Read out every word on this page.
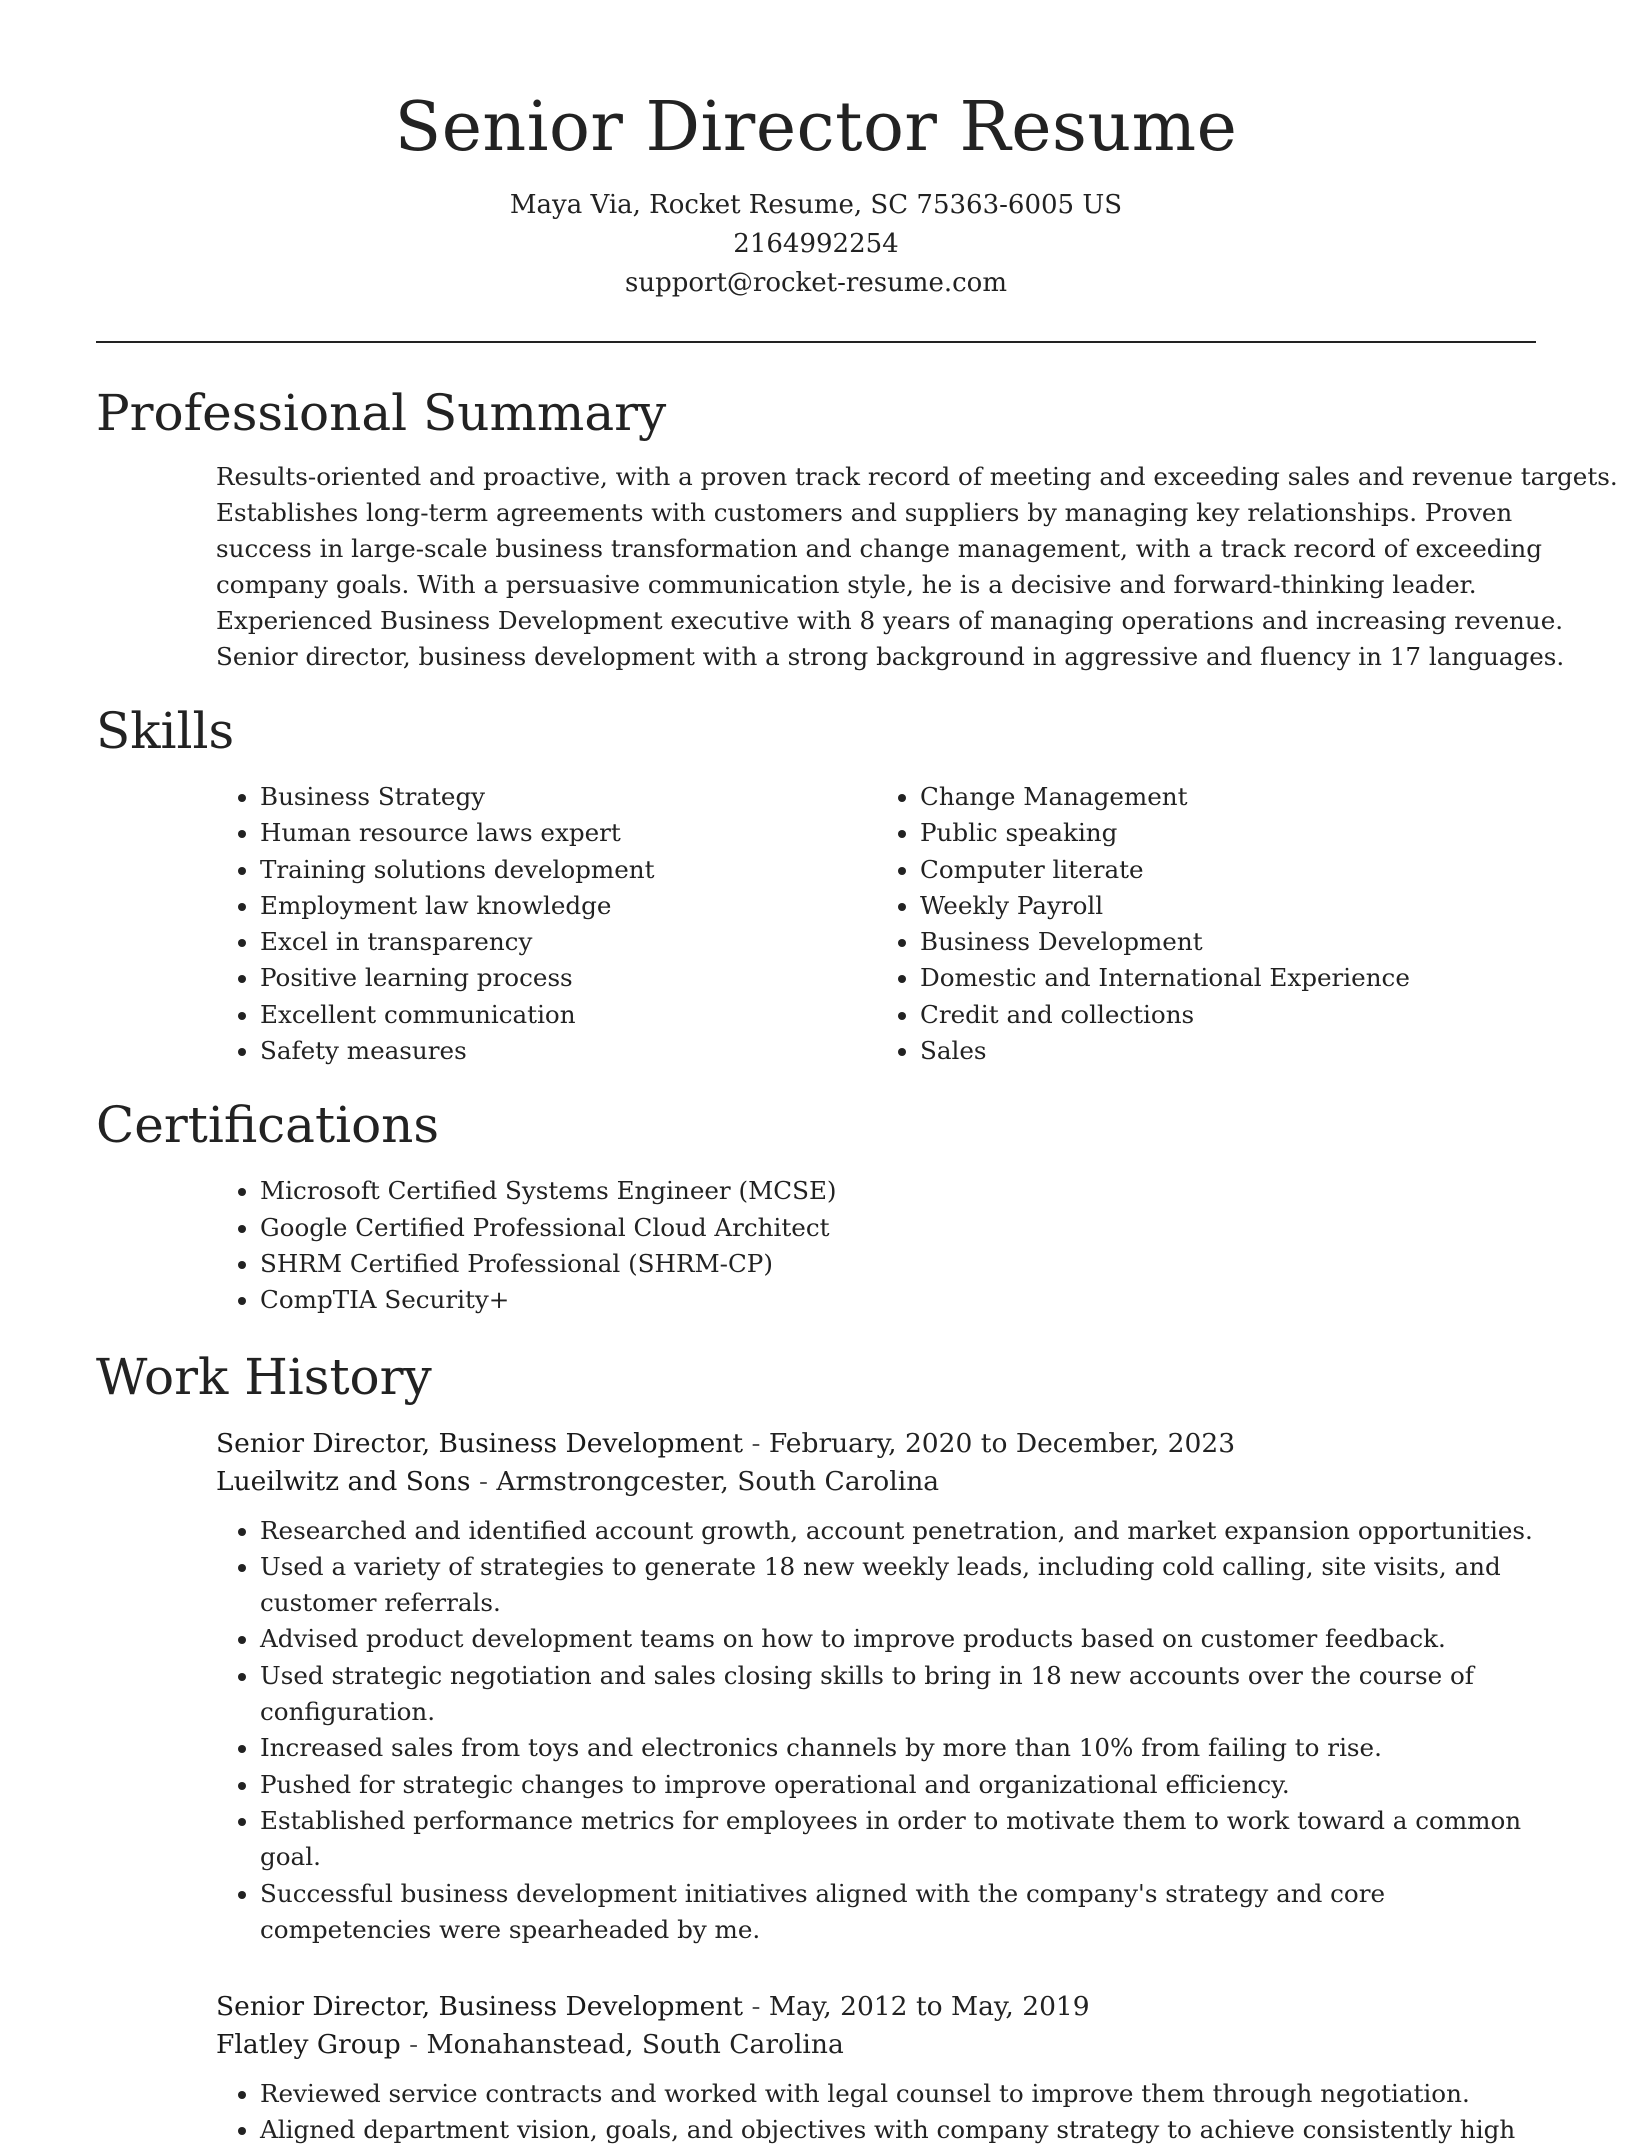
Senior Director Resume
Maya Via, Rocket Resume, SC 75363-6005 US
2164992254
support@rocket-resume.com
Professional Summary
Results-oriented and proactive, with a proven track record of meeting and exceeding sales and revenue targets.
Establishes long-term agreements with customers and suppliers by managing key relationships. Proven
success in large-scale business transformation and change management, with a track record of exceeding
company goals. With a persuasive communication style, he is a decisive and forward-thinking leader.
Experienced Business Development executive with 8 years of managing operations and increasing revenue.
Senior director, business development with a strong background in aggressive and fluency in 17 languages.
Skills
• Business Strategy
• Human resource laws expert
• Training solutions development
• Employment law knowledge
• Excel in transparency
• Positive learning process
• Excellent communication
• Safety measures
• Change Management
• Public speaking
• Computer literate
• Weekly Payroll
• Business Development
• Domestic and International Experience
• Credit and collections
• Sales
Certifications
• Microsoft Certified Systems Engineer (MCSE)
• Google Certified Professional Cloud Architect
• SHRM Certified Professional (SHRM-CP)
• CompTIA Security+
Work History
Senior Director, Business Development - February, 2020 to December, 2023
Lueilwitz and Sons - Armstrongcester, South Carolina
• Researched and identified account growth, account penetration, and market expansion opportunities.
• Used a variety of strategies to generate 18 new weekly leads, including cold calling, site visits, and customer referrals.
• Advised product development teams on how to improve products based on customer feedback.
• Used strategic negotiation and sales closing skills to bring in 18 new accounts over the course of configuration.
• Increased sales from toys and electronics channels by more than 10% from failing to rise.
• Pushed for strategic changes to improve operational and organizational efficiency.
• Established performance metrics for employees in order to motivate them to work toward a common goal.
• Successful business development initiatives aligned with the company's strategy and core competencies were spearheaded by me.
Senior Director, Business Development - May, 2012 to May, 2019
Flatley Group - Monahanstead, South Carolina
• Reviewed service contracts and worked with legal counsel to improve them through negotiation.
• Aligned department vision, goals, and objectives with company strategy to achieve consistently high
